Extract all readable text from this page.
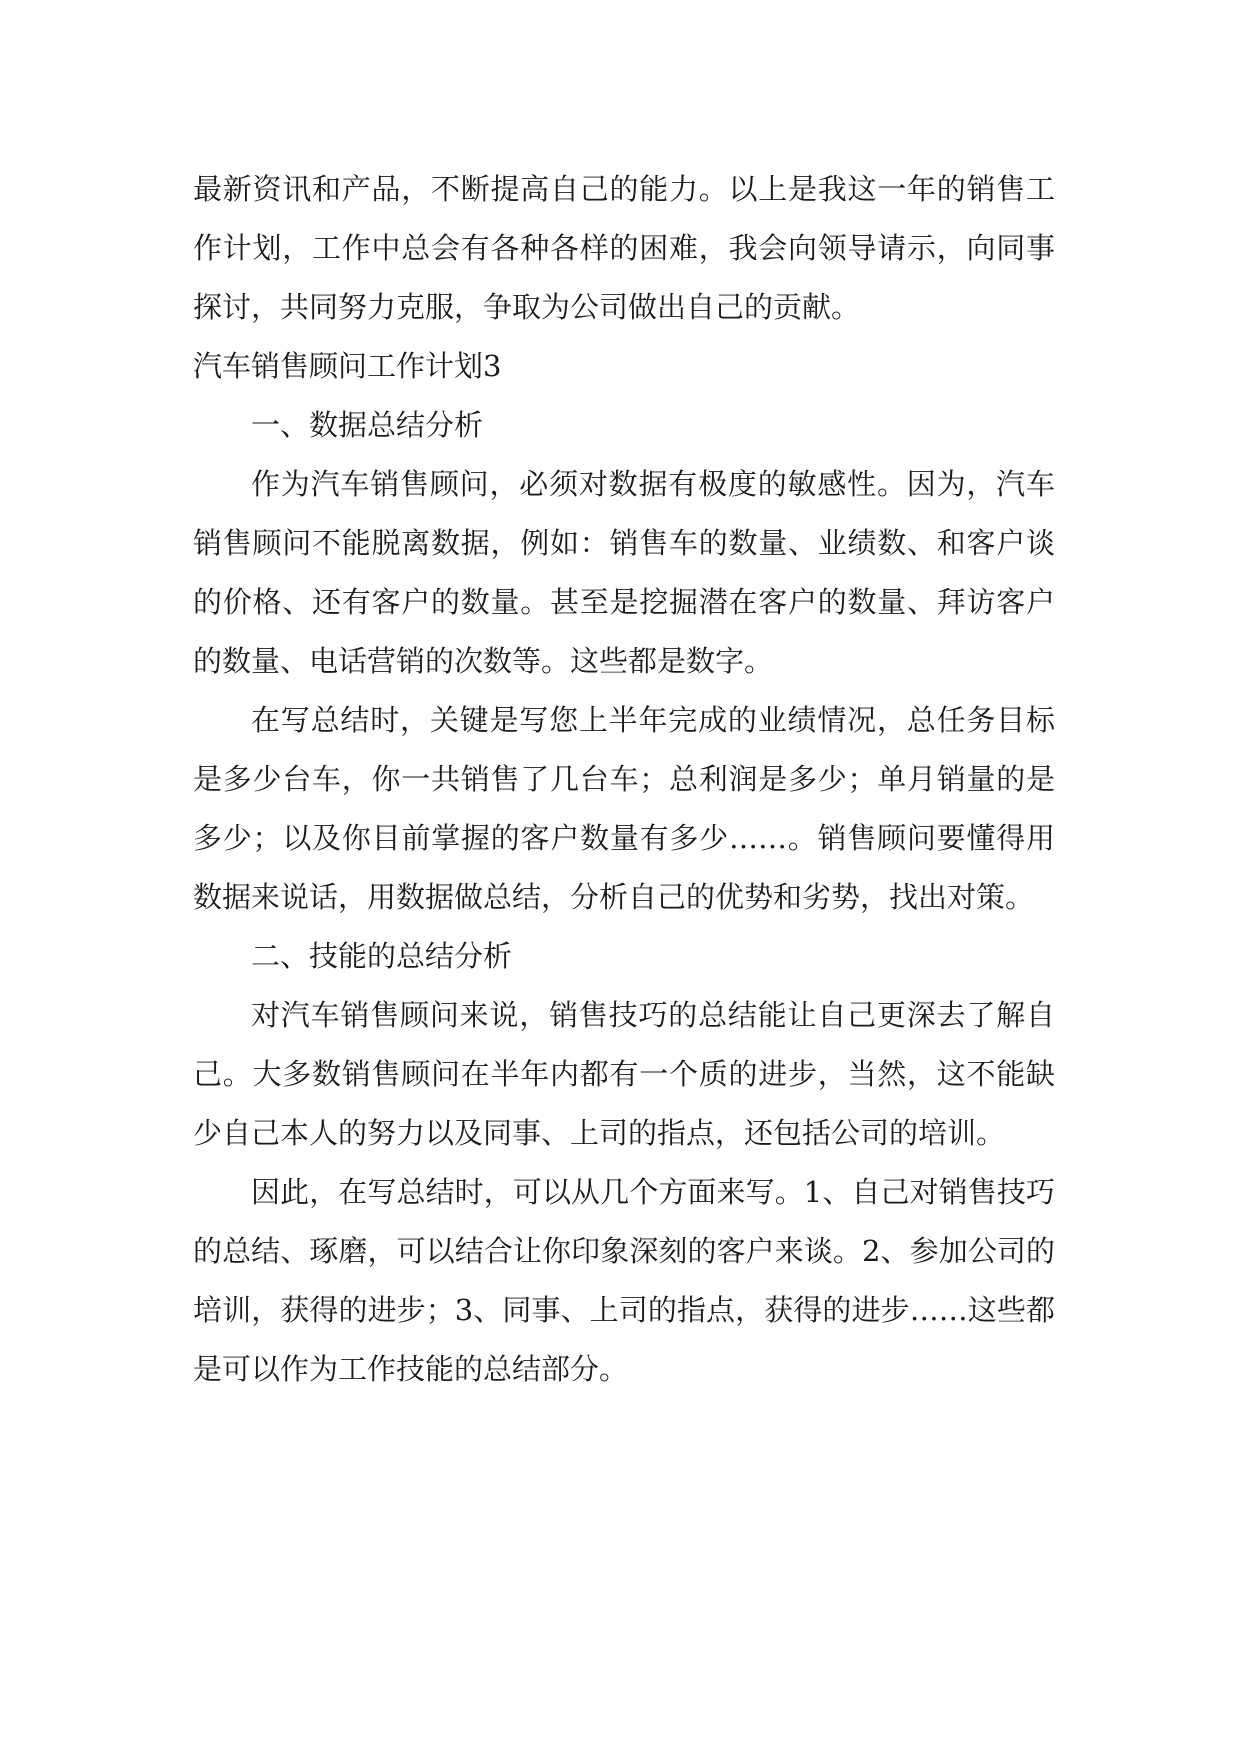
最新资讯和产品，不断提高自己的能力。以上是我这一年的销售工作计划，工作中总会有各种各样的困难，我会向领导请示，向同事探讨，共同努力克服，争取为公司做出自己的贡献。

汽车销售顾问工作计划3

一、数据总结分析

作为汽车销售顾问，必须对数据有极度的敏感性。因为，汽车销售顾问不能脱离数据，例如：销售车的数量、业绩数、和客户谈的价格、还有客户的数量。甚至是挖掘潜在客户的数量、拜访客户的数量、电话营销的次数等。这些都是数字。

在写总结时，关键是写您上半年完成的业绩情况，总任务目标是多少台车，你一共销售了几台车；总利润是多少；单月销量的是多少；以及你目前掌握的客户数量有多少……。销售顾问要懂得用数据来说话，用数据做总结，分析自己的优势和劣势，找出对策。

二、技能的总结分析

对汽车销售顾问来说，销售技巧的总结能让自己更深去了解自己。大多数销售顾问在半年内都有一个质的进步，当然，这不能缺少自己本人的努力以及同事、上司的指点，还包括公司的培训。

因此，在写总结时，可以从几个方面来写。1、自己对销售技巧的总结、琢磨，可以结合让你印象深刻的客户来谈。2、参加公司的培训，获得的进步；3、同事、上司的指点，获得的进步……这些都是可以作为工作技能的总结部分。
